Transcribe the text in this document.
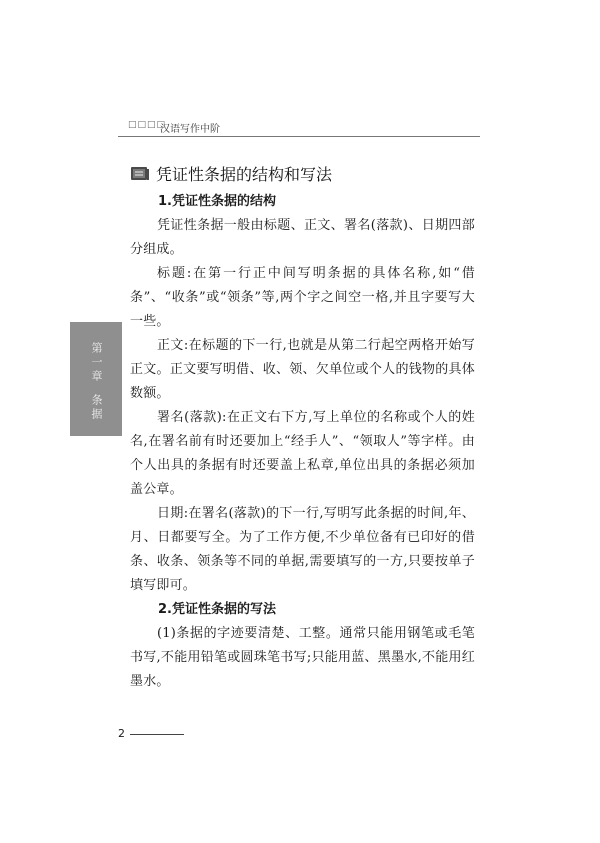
□□□□
汉语写作中阶
第一章
条据
凭证性条据的结构和写法

1.凭证性条据的结构

凭证性条据一般由标题、正文、署名(落款)、日期四部分组成。

标题:在第一行正中间写明条据的具体名称,如“借条”、“收条”或“领条”等,两个字之间空一格,并且字要写大一些。

正文:在标题的下一行,也就是从第二行起空两格开始写正文。正文要写明借、收、领、欠单位或个人的钱物的具体数额。

署名(落款):在正文右下方,写上单位的名称或个人的姓名,在署名前有时还要加上“经手人”、“领取人”等字样。由个人出具的条据有时还要盖上私章,单位出具的条据必须加盖公章。

日期:在署名(落款)的下一行,写明写此条据的时间,年、月、日都要写全。为了工作方便,不少单位备有已印好的借条、收条、领条等不同的单据,需要填写的一方,只要按单子填写即可。

2.凭证性条据的写法

(1)条据的字迹要清楚、工整。通常只能用钢笔或毛笔书写,不能用铅笔或圆珠笔书写;只能用蓝、黑墨水,不能用红墨水。

2
